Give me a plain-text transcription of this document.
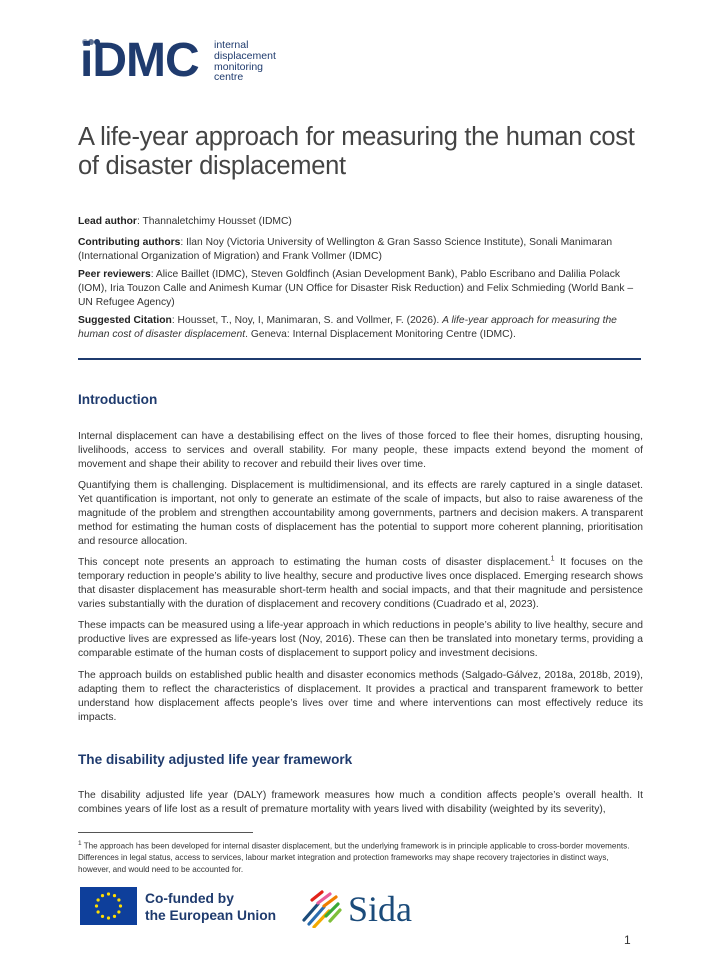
iDMC internal
displacement
monitoring
centre
A life-year approach for measuring the human cost of disaster displacement
Lead author: Thannaletchimy Housset (IDMC)
Contributing authors: Ilan Noy (Victoria University of Wellington & Gran Sasso Science Institute), Sonali Manimaran (International Organization of Migration) and Frank Vollmer (IDMC)
Peer reviewers: Alice Baillet (IDMC), Steven Goldfinch (Asian Development Bank), Pablo Escribano and Dalilia Polack (IOM), Iria Touzon Calle and Animesh Kumar (UN Office for Disaster Risk Reduction) and Felix Schmieding (World Bank – UN Refugee Agency)
Suggested Citation: Housset, T., Noy, I, Manimaran, S. and Vollmer, F. (2026). A life-year approach for measuring the human cost of disaster displacement. Geneva: Internal Displacement Monitoring Centre (IDMC).
Introduction
Internal displacement can have a destabilising effect on the lives of those forced to flee their homes, disrupting housing, livelihoods, access to services and overall stability. For many people, these impacts extend beyond the moment of movement and shape their ability to recover and rebuild their lives over time.
Quantifying them is challenging. Displacement is multidimensional, and its effects are rarely captured in a single dataset. Yet quantification is important, not only to generate an estimate of the scale of impacts, but also to raise awareness of the magnitude of the problem and strengthen accountability among governments, partners and decision makers. A transparent method for estimating the human costs of displacement has the potential to support more coherent planning, prioritisation and resource allocation.
This concept note presents an approach to estimating the human costs of disaster displacement.$^1$ It focuses on the temporary reduction in people’s ability to live healthy, secure and productive lives once displaced. Emerging research shows that disaster displacement has measurable short-term health and social impacts, and that their magnitude and persistence varies substantially with the duration of displacement and recovery conditions (Cuadrado et al, 2023).
These impacts can be measured using a life-year approach in which reductions in people’s ability to live healthy, secure and productive lives are expressed as life-years lost (Noy, 2016). These can then be translated into monetary terms, providing a comparable estimate of the human costs of displacement to support policy and investment decisions.
The approach builds on established public health and disaster economics methods (Salgado-Gálvez, 2018a, 2018b, 2019), adapting them to reflect the characteristics of displacement. It provides a practical and transparent framework to better understand how displacement affects people’s lives over time and where interventions can most effectively reduce its impacts.
The disability adjusted life year framework
The disability adjusted life year (DALY) framework measures how much a condition affects people’s overall health. It combines years of life lost as a result of premature mortality with years lived with disability (weighted by its severity),
$^1$ The approach has been developed for internal disaster displacement, but the underlying framework is in principle applicable to cross-border movements. Differences in legal status, access to services, labour market integration and protection frameworks may shape recovery trajectories in distinct ways, however, and would need to be accounted for.
Co-funded by
the European Union Sida
1
